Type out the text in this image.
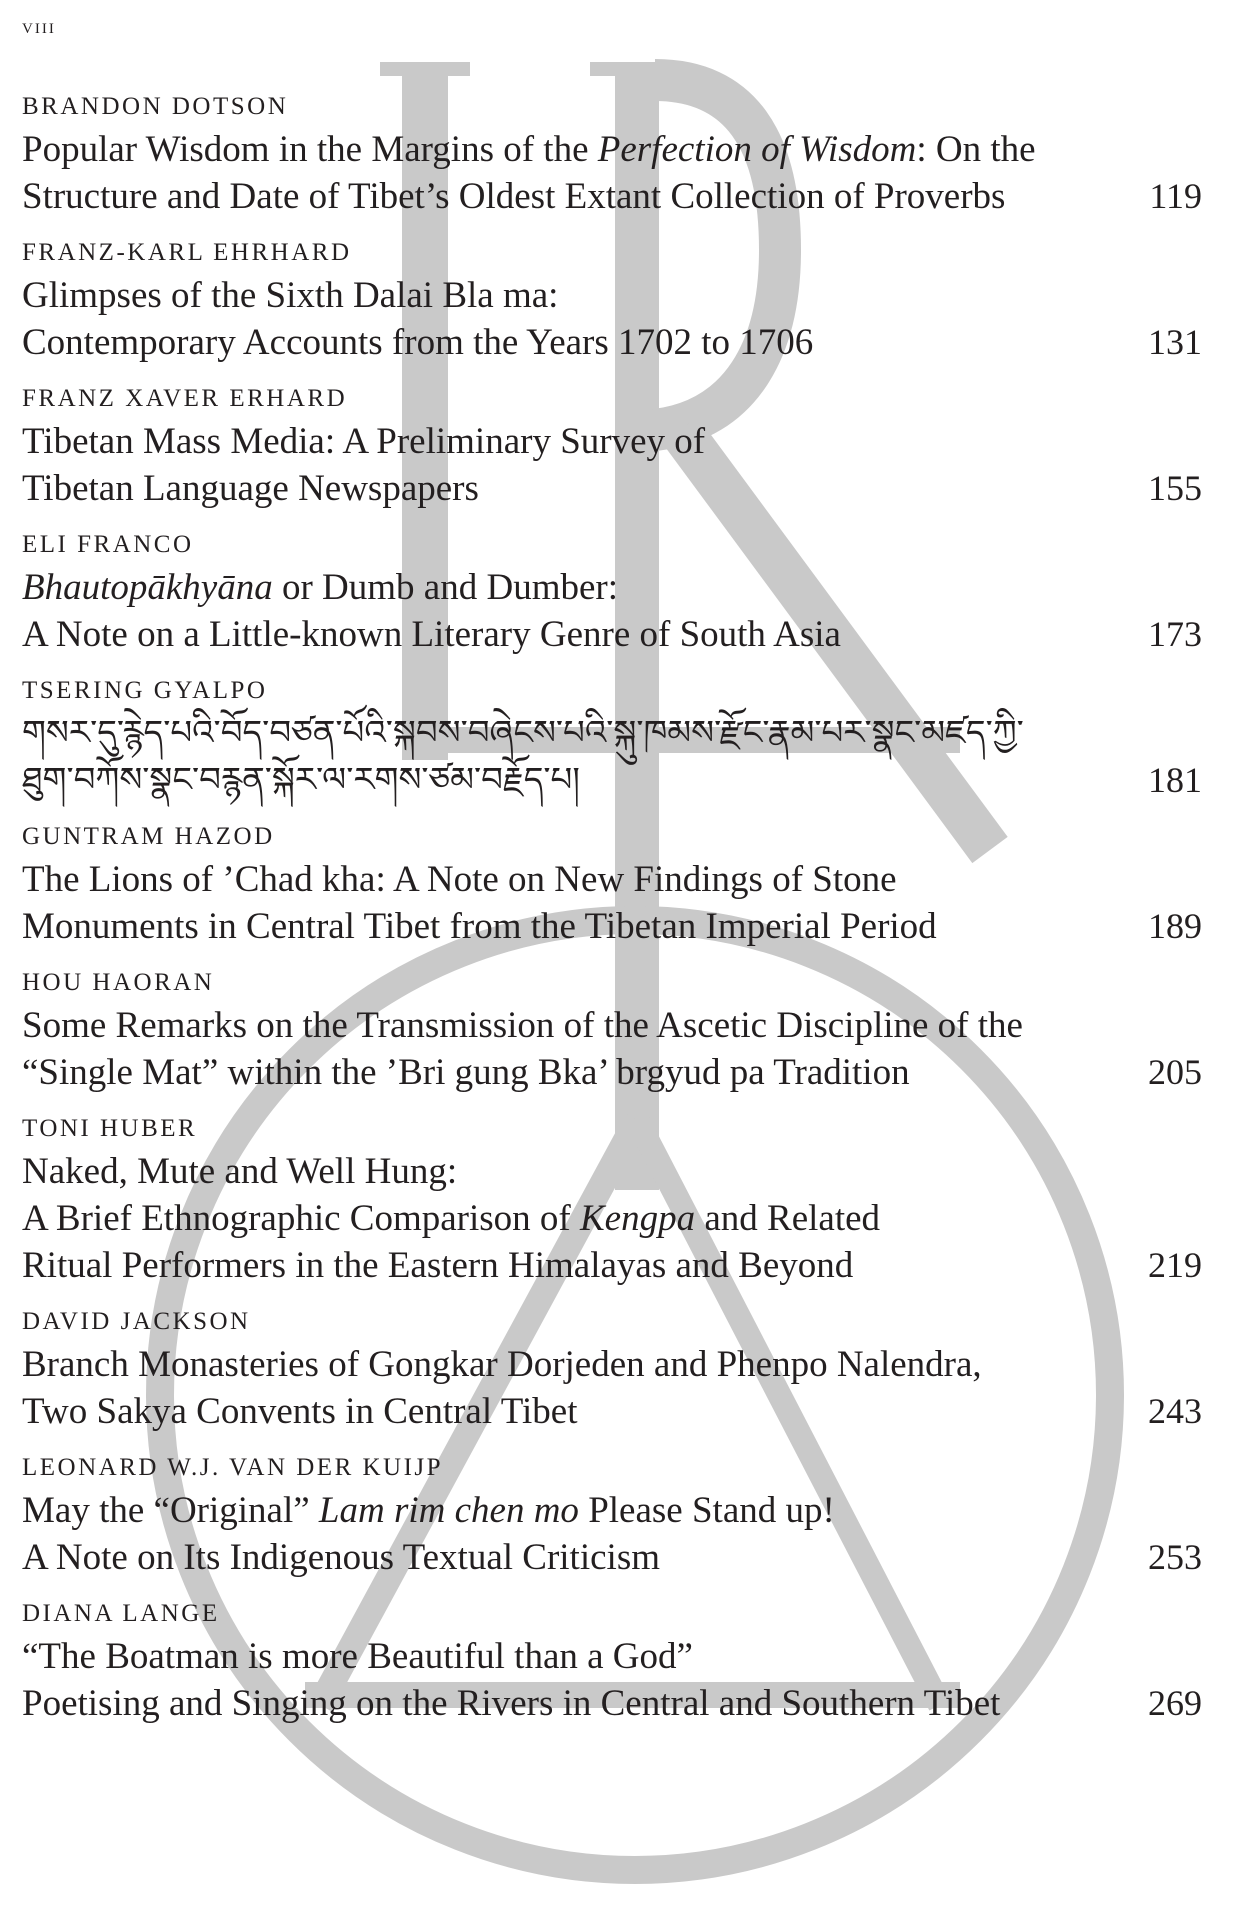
viii
BRANDON DOTSON
Popular Wisdom in the Margins of the Perfection of Wisdom: On the
Structure and Date of Tibet’s Oldest Extant Collection of Proverbs	119
FRANZ-KARL EHRHARD
Glimpses of the Sixth Dalai Bla ma:
Contemporary Accounts from the Years 1702 to 1706	131
FRANZ XAVER ERHARD
Tibetan Mass Media: A Preliminary Survey of
Tibetan Language Newspapers	155
ELI FRANCO
Bhautopākhyāna or Dumb and Dumber:
A Note on a Little-known Literary Genre of South Asia	173
TSERING GYALPO
གསར་དུ་རྙེད་པའི་བོད་བཙན་པོའི་སྐབས་བཞེངས་པའི་སྐུ་ཁམས་རྫོང་རྣམ་པར་སྣང་མཛད་ཀྱི་
ཐུག་བཀོས་སྣང་བརྙན་སྐོར་ལ་རགས་ཙམ་བརྗོད་པ།	181
GUNTRAM HAZOD
The Lions of ’Chad kha: A Note on New Findings of Stone
Monuments in Central Tibet from the Tibetan Imperial Period	189
HOU HAORAN
Some Remarks on the Transmission of the Ascetic Discipline of the
“Single Mat” within the ’Bri gung Bka’ brgyud pa Tradition	205
TONI HUBER
Naked, Mute and Well Hung:
A Brief Ethnographic Comparison of Kengpa and Related
Ritual Performers in the Eastern Himalayas and Beyond	219
DAVID JACKSON
Branch Monasteries of Gongkar Dorjeden and Phenpo Nalendra,
Two Sakya Convents in Central Tibet	243
LEONARD W.J. VAN DER KUIJP
May the “Original” Lam rim chen mo Please Stand up!
A Note on Its Indigenous Textual Criticism	253
DIANA LANGE
“The Boatman is more Beautiful than a God”
Poetising and Singing on the Rivers in Central and Southern Tibet	269
